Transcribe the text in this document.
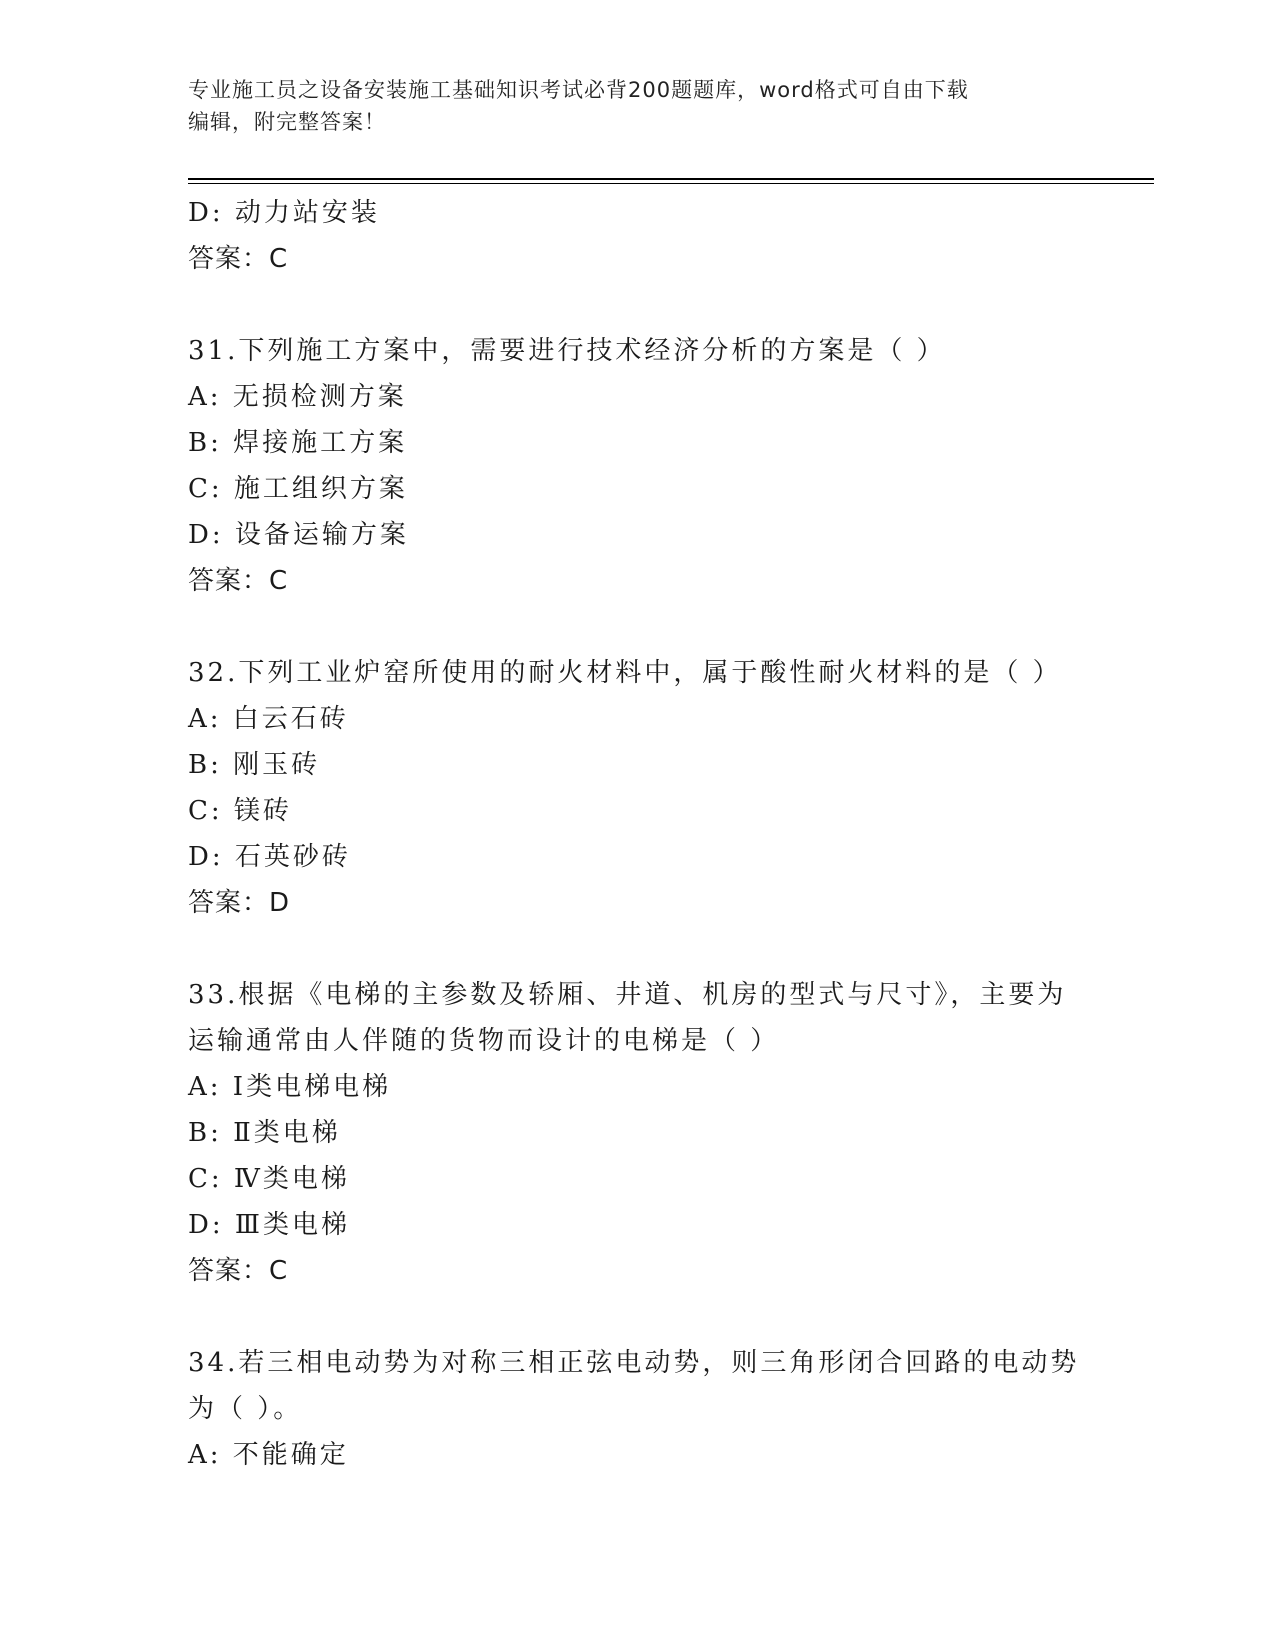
专业施工员之设备安装施工基础知识考试必背200题题库，word格式可自由下载
编辑，附完整答案！
D: 动力站安装
答案：C
31.下列施工方案中，需要进行技术经济分析的方案是（ ）
A: 无损检测方案
B: 焊接施工方案
C: 施工组织方案
D: 设备运输方案
答案：C
32.下列工业炉窑所使用的耐火材料中，属于酸性耐火材料的是（ ）
A: 白云石砖
B: 刚玉砖
C: 镁砖
D: 石英砂砖
答案：D
33.根据《电梯的主参数及轿厢、井道、机房的型式与尺寸》，主要为
运输通常由人伴随的货物而设计的电梯是（ ）
A: Ⅰ类电梯电梯
B: Ⅱ类电梯
C: Ⅳ类电梯
D: Ⅲ类电梯
答案：C
34.若三相电动势为对称三相正弦电动势，则三角形闭合回路的电动势
为（ ）。
A: 不能确定
